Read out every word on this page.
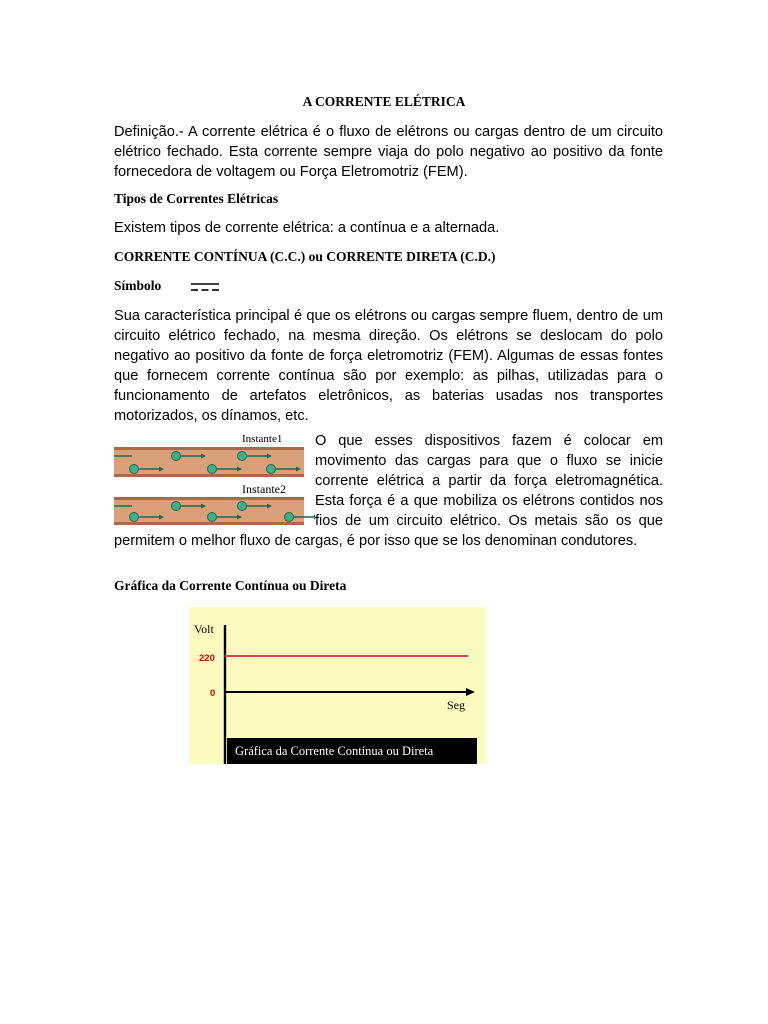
A CORRENTE ELÉTRICA

Definição.- A corrente elétrica é o fluxo de elétrons ou cargas dentro de um circuito elétrico fechado. Esta corrente sempre viaja do polo negativo ao positivo da fonte fornecedora de voltagem ou Força Eletromotriz (FEM).

Tipos de Correntes Elétricas

Existem tipos de corrente elétrica: a contínua e a alternada.

CORRENTE CONTÍNUA (C.C.) ou CORRENTE DIRETA (C.D.)
Símbolo

Sua característica principal é que os elétrons ou cargas sempre fluem, dentro de um circuito elétrico fechado, na mesma direção. Os elétrons se deslocam do polo negativo ao positivo da fonte de força eletromotriz (FEM). Algumas de essas fontes que fornecem corrente contínua são por exemplo: as pilhas, utilizadas para o funcionamento de artefatos eletrônicos, as baterias usadas nos transportes motorizados, os dínamos, etc.

Instante1
Instante2
O que esses dispositivos fazem é colocar em movimento das cargas para que o fluxo se inicie corrente elétrica a partir da força eletromagnética. Esta força é a que mobiliza os elétrons contidos nos fios de um circuito elétrico. Os metais são os que permitem o melhor fluxo de cargas, é por isso que se los denominan condutores.
Gráfica da Corrente Contínua ou Direta
Volt
Seg
220
0
Gráfica da Corrente Contínua ou Direta
